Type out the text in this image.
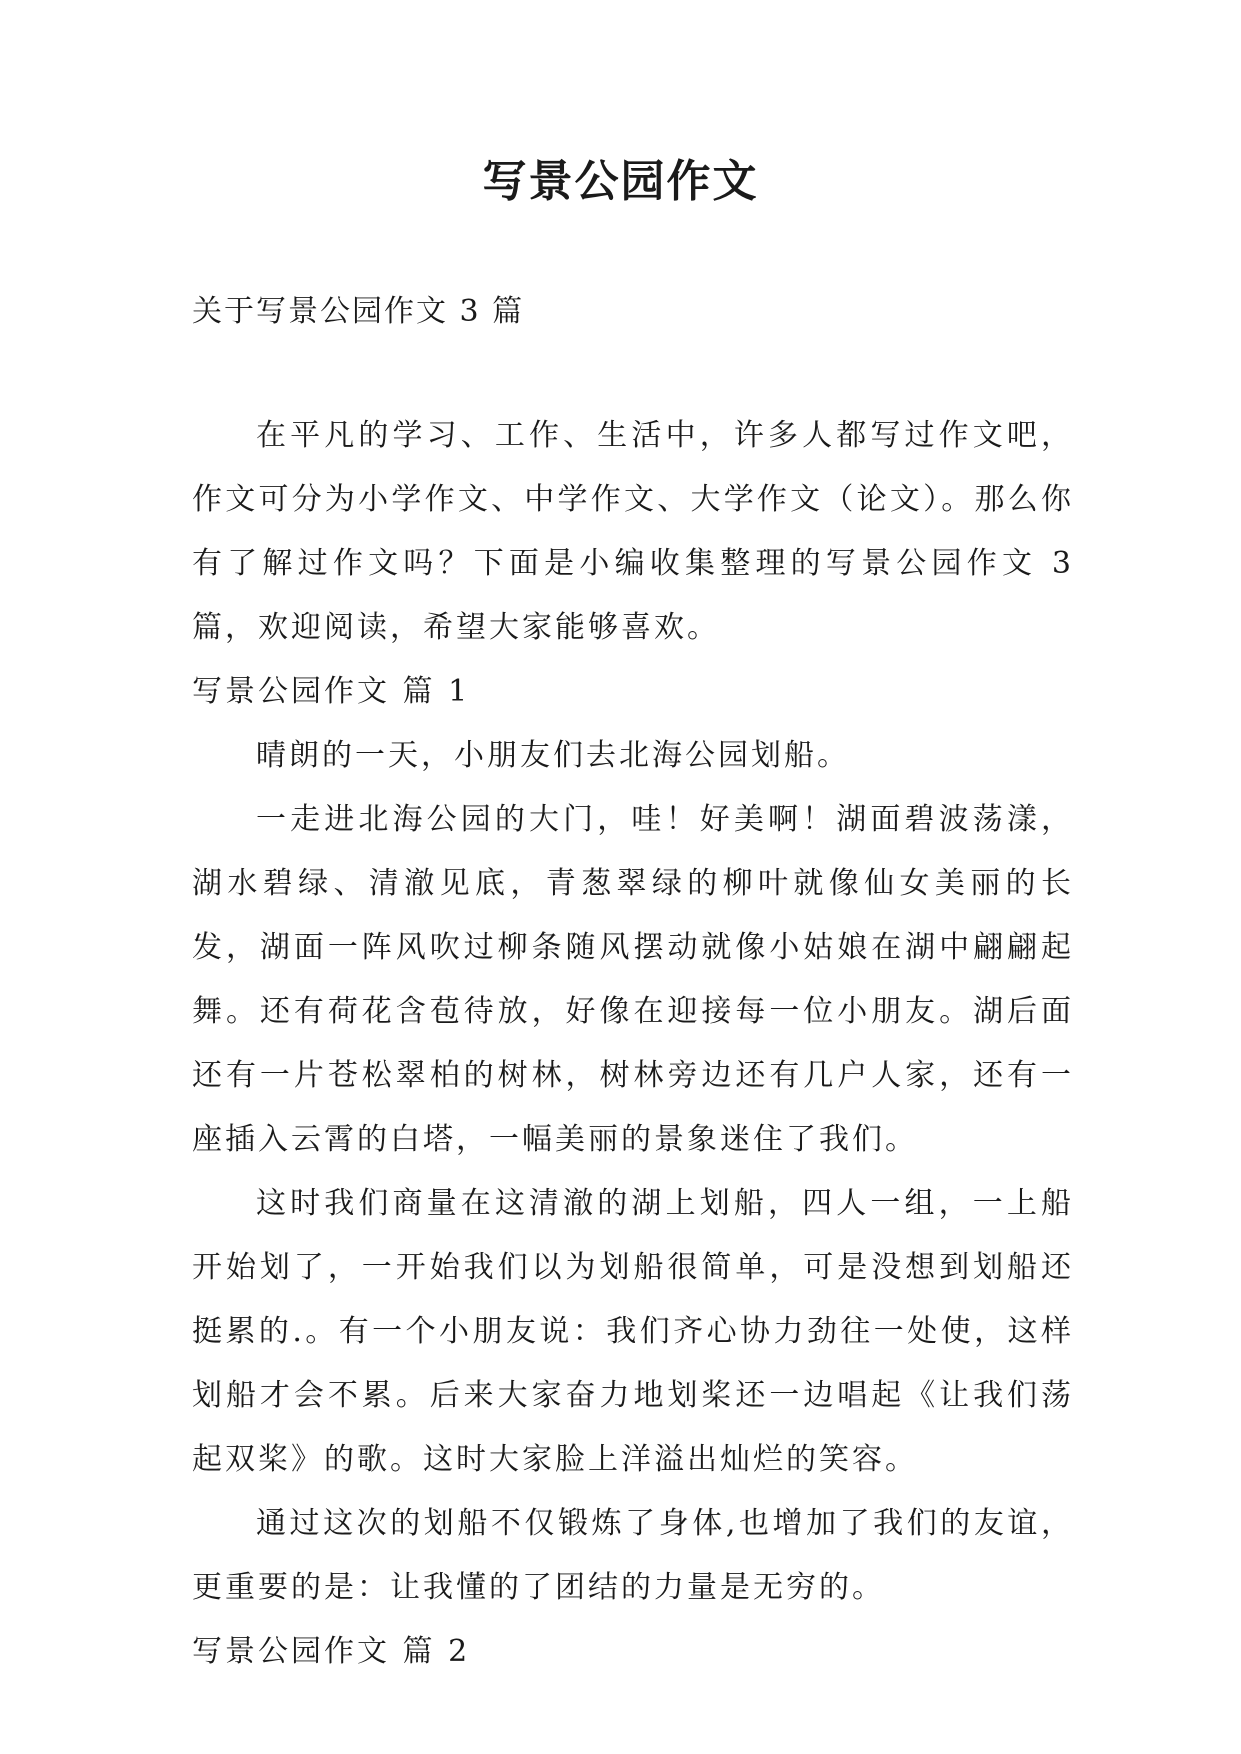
写景公园作文
关于写景公园作文 3 篇

在平凡的学习、工作、生活中，许多人都写过作文吧，作文可分为小学作文、中学作文、大学作文（论文）。那么你有了解过作文吗？下面是小编收集整理的写景公园作文 3 篇，欢迎阅读，希望大家能够喜欢。

写景公园作文 篇 1

晴朗的一天，小朋友们去北海公园划船。

一走进北海公园的大门，哇！好美啊！湖面碧波荡漾，湖水碧绿、清澈见底，青葱翠绿的柳叶就像仙女美丽的长发，湖面一阵风吹过柳条随风摆动就像小姑娘在湖中翩翩起舞。还有荷花含苞待放，好像在迎接每一位小朋友。湖后面还有一片苍松翠柏的树林，树林旁边还有几户人家，还有一座插入云霄的白塔，一幅美丽的景象迷住了我们。

这时我们商量在这清澈的湖上划船，四人一组，一上船开始划了，一开始我们以为划船很简单，可是没想到划船还挺累的.。有一个小朋友说：我们齐心协力劲往一处使，这样划船才会不累。后来大家奋力地划桨还一边唱起《让我们荡起双桨》的歌。这时大家脸上洋溢出灿烂的笑容。

通过这次的划船不仅锻炼了身体,也增加了我们的友谊，更重要的是：让我懂的了团结的力量是无穷的。

写景公园作文 篇 2
